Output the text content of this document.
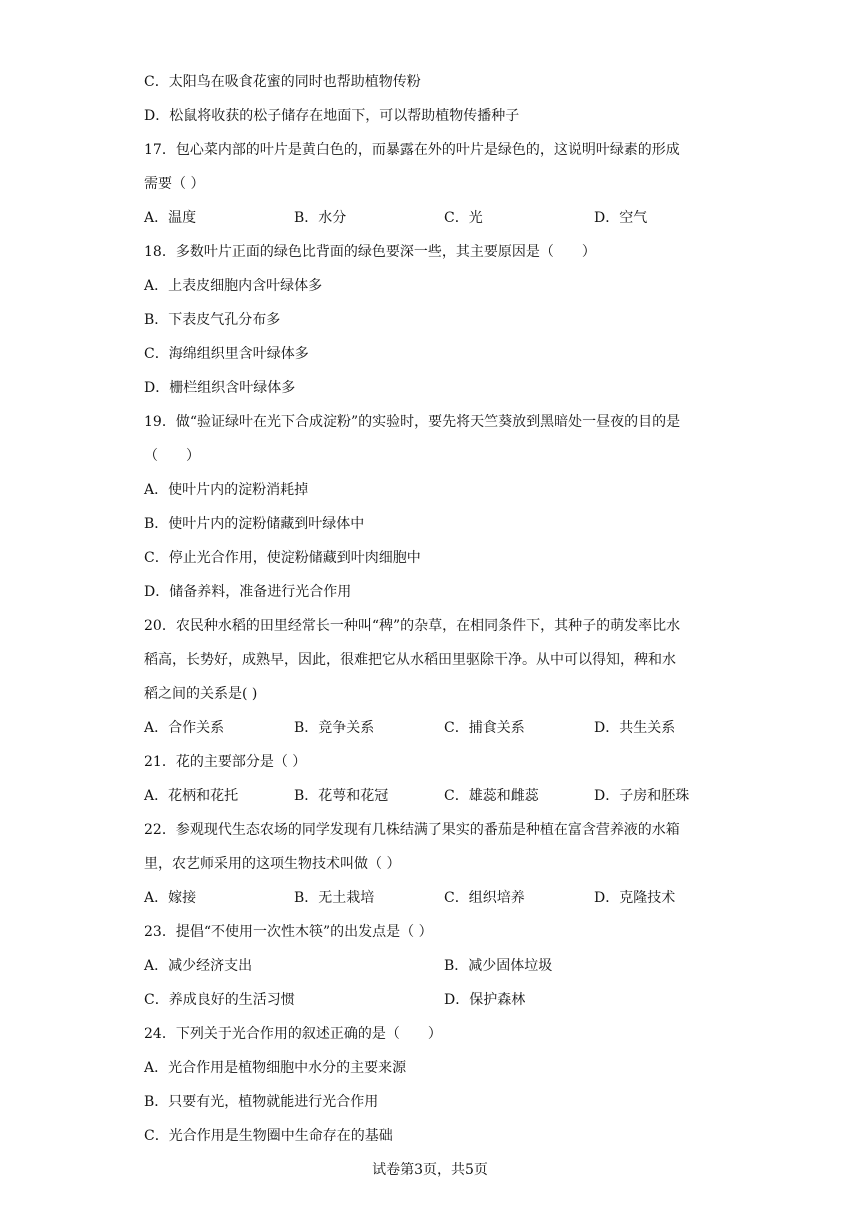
C．太阳鸟在吸食花蜜的同时也帮助植物传粉
D．松鼠将收获的松子储存在地面下，可以帮助植物传播种子
17．包心菜内部的叶片是黄白色的，而暴露在外的叶片是绿色的，这说明叶绿素的形成
需要（ ）
A．温度	B．水分	C．光	D．空气
18．多数叶片正面的绿色比背面的绿色要深一些，其主要原因是（　　）
A．上表皮细胞内含叶绿体多
B．下表皮气孔分布多
C．海绵组织里含叶绿体多
D．栅栏组织含叶绿体多
19．做“验证绿叶在光下合成淀粉”的实验时，要先将天竺葵放到黑暗处一昼夜的目的是
（　　）
A．使叶片内的淀粉消耗掉
B．使叶片内的淀粉储藏到叶绿体中
C．停止光合作用，使淀粉储藏到叶肉细胞中
D．储备养料，准备进行光合作用
20．农民种水稻的田里经常长一种叫“稗”的杂草，在相同条件下，其种子的萌发率比水
稻高，长势好，成熟早，因此，很难把它从水稻田里驱除干净。从中可以得知，稗和水
稻之间的关系是( )
A．合作关系	B．竞争关系	C．捕食关系	D．共生关系
21．花的主要部分是（ ）
A．花柄和花托	B．花萼和花冠	C．雄蕊和雌蕊	D．子房和胚珠
22．参观现代生态农场的同学发现有几株结满了果实的番茄是种植在富含营养液的水箱
里，农艺师采用的这项生物技术叫做（ ）
A．嫁接	B．无土栽培	C．组织培养	D．克隆技术
23．提倡“不使用一次性木筷”的出发点是（ ）
A．减少经济支出	B．减少固体垃圾
C．养成良好的生活习惯	D．保护森林
24．下列关于光合作用的叙述正确的是（　　）
A．光合作用是植物细胞中水分的主要来源
B．只要有光，植物就能进行光合作用
C．光合作用是生物圈中生命存在的基础
试卷第3页，共5页
